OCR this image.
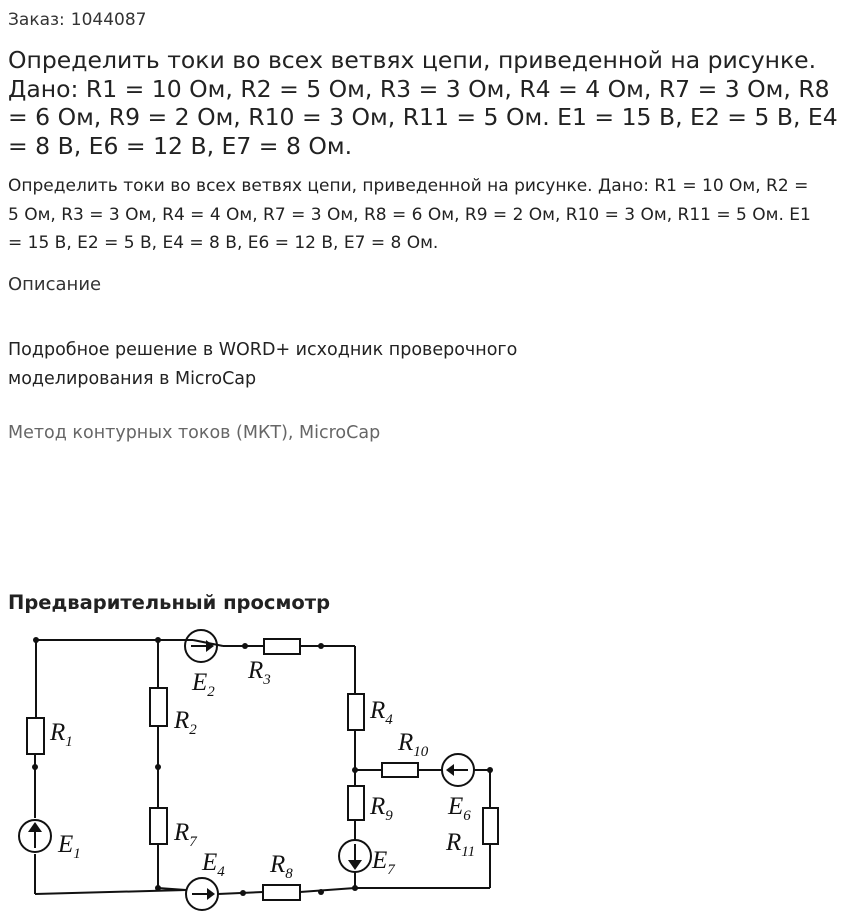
Заказ: 1044087
Определить токи во всех ветвях цепи, приведенной на рисунке. Дано: R1 = 10 Ом, R2 = 5 Ом, R3 = 3 Ом, R4 = 4 Ом, R7 = 3 Ом, R8 = 6 Ом, R9 = 2 Ом, R10 = 3 Ом, R11 = 5 Ом. E1 = 15 В, E2 = 5 В, E4 = 8 В, E6 = 12 В, E7 = 8 Ом.

Определить токи во всех ветвях цепи, приведенной на рисунке. Дано: R1 = 10 Ом, R2 = 5 Ом, R3 = 3 Ом, R4 = 4 Ом, R7 = 3 Ом, R8 = 6 Ом, R9 = 2 Ом, R10 = 3 Ом, R11 = 5 Ом. E1 = 15 В, E2 = 5 В, E4 = 8 В, E6 = 12 В, E7 = 8 Ом.

Описание

Подробное решение в WORD+ исходник проверочного моделирования в MicroCap

Метод контурных токов (МКТ), MicroCap
Предварительный просмотр
$R_1$
$R_2$
$R_3$
$R_4$
$R_{10}$
$R_9$
$R_7$
$R_8$
$R_{11}$
$E_1$
$E_2$
$E_4$
$E_6$
$E_7$
